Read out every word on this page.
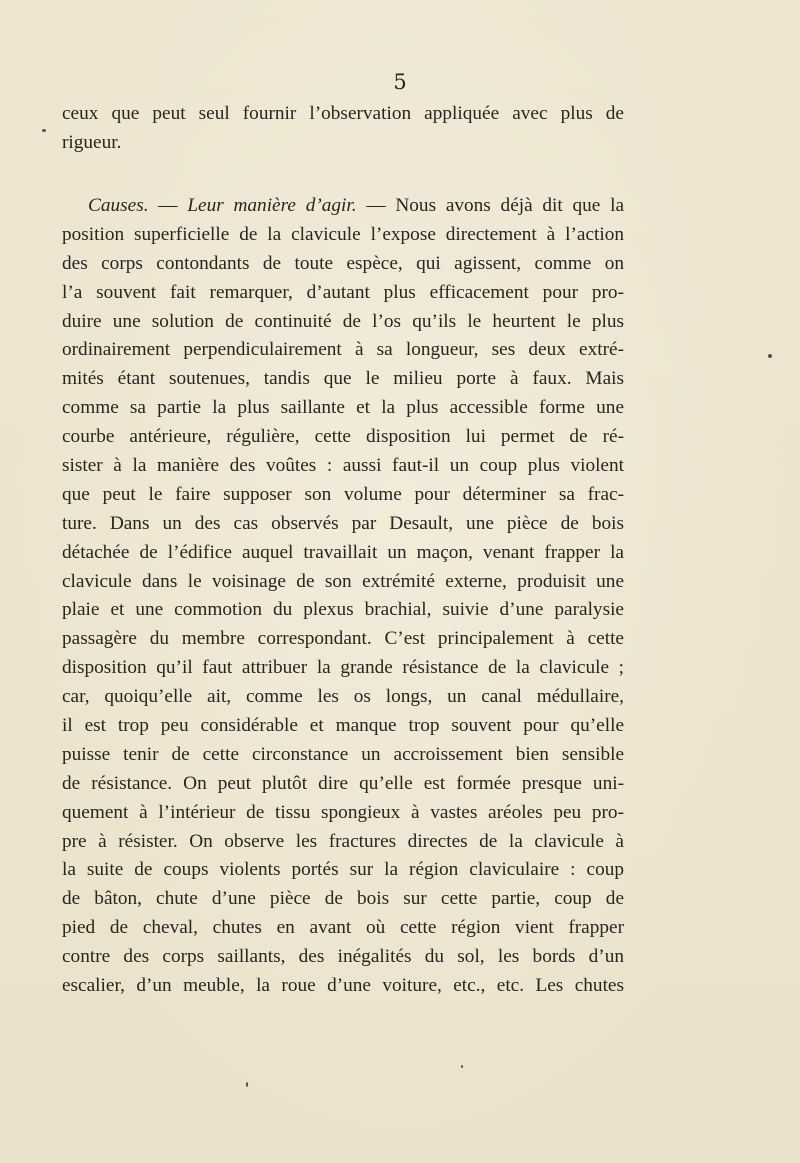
5
ceux que peut seul fournir l’observation appliquée avec plus de
rigueur.
Causes. — Leur manière d’agir. — Nous avons déjà dit que la
position superficielle de la clavicule l’expose directement à l’action
des corps contondants de toute espèce, qui agissent, comme on
l’a souvent fait remarquer, d’autant plus efficacement pour pro-
duire une solution de continuité de l’os qu’ils le heurtent le plus
ordinairement perpendiculairement à sa longueur, ses deux extré-
mités étant soutenues, tandis que le milieu porte à faux. Mais
comme sa partie la plus saillante et la plus accessible forme une
courbe antérieure, régulière, cette disposition lui permet de ré-
sister à la manière des voûtes : aussi faut-il un coup plus violent
que peut le faire supposer son volume pour déterminer sa frac-
ture. Dans un des cas observés par Desault, une pièce de bois
détachée de l’édifice auquel travaillait un maçon, venant frapper la
clavicule dans le voisinage de son extrémité externe, produisit une
plaie et une commotion du plexus brachial, suivie d’une paralysie
passagère du membre correspondant. C’est principalement à cette
disposition qu’il faut attribuer la grande résistance de la clavicule ;
car, quoiqu’elle ait, comme les os longs, un canal médullaire,
il est trop peu considérable et manque trop souvent pour qu’elle
puisse tenir de cette circonstance un accroissement bien sensible
de résistance. On peut plutôt dire qu’elle est formée presque uni-
quement à l’intérieur de tissu spongieux à vastes aréoles peu pro-
pre à résister. On observe les fractures directes de la clavicule à
la suite de coups violents portés sur la région claviculaire : coup
de bâton, chute d’une pièce de bois sur cette partie, coup de
pied de cheval, chutes en avant où cette région vient frapper
contre des corps saillants, des inégalités du sol, les bords d’un
escalier, d’un meuble, la roue d’une voiture, etc., etc. Les chutes
